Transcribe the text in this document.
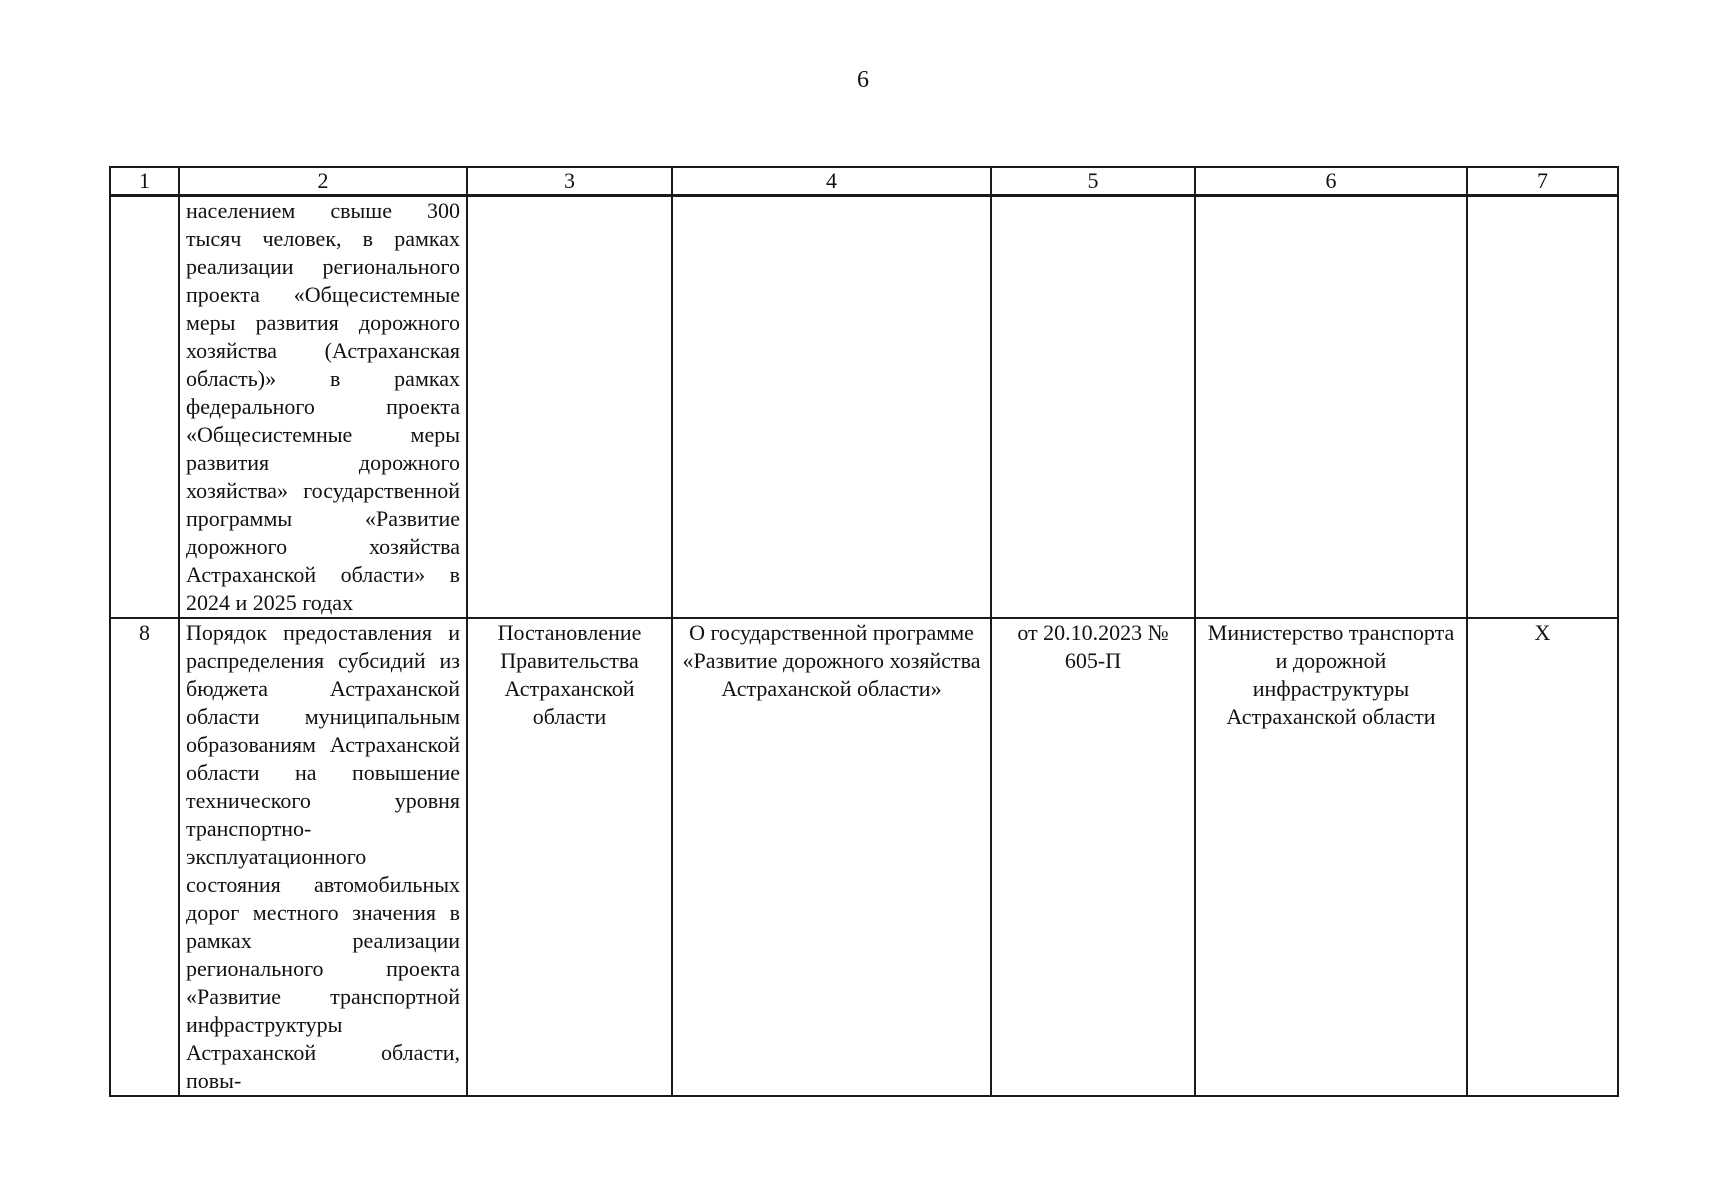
6
1	2	3	4	5	6	7
	населением свыше 300 тысяч человек, в рамках реализации регионального проекта «Общесистемные меры развития дорожного хозяйства (Астраханская область)» в рамках федерального проекта «Общесистемные меры развития дорожного хозяйства» государственной программы «Развитие дорожного хозяйства Астраханской области» в 2024 и 2025 годах					
8	Порядок предоставления и распределения субсидий из бюджета Астраханской области муниципальным образованиям Астраханской области на повышение технического уровня транспортно-эксплуатационного состояния автомобильных дорог местного значения в рамках реализации регионального проекта «Развитие транспортной инфраструктуры Астраханской области, повы-	Постановление Правительства Астраханской области	О государственной программе «Развитие дорожного хозяйства Астраханской области»	от 20.10.2023 № 605-П	Министерство транспорта и дорожной инфраструктуры Астраханской области	X
